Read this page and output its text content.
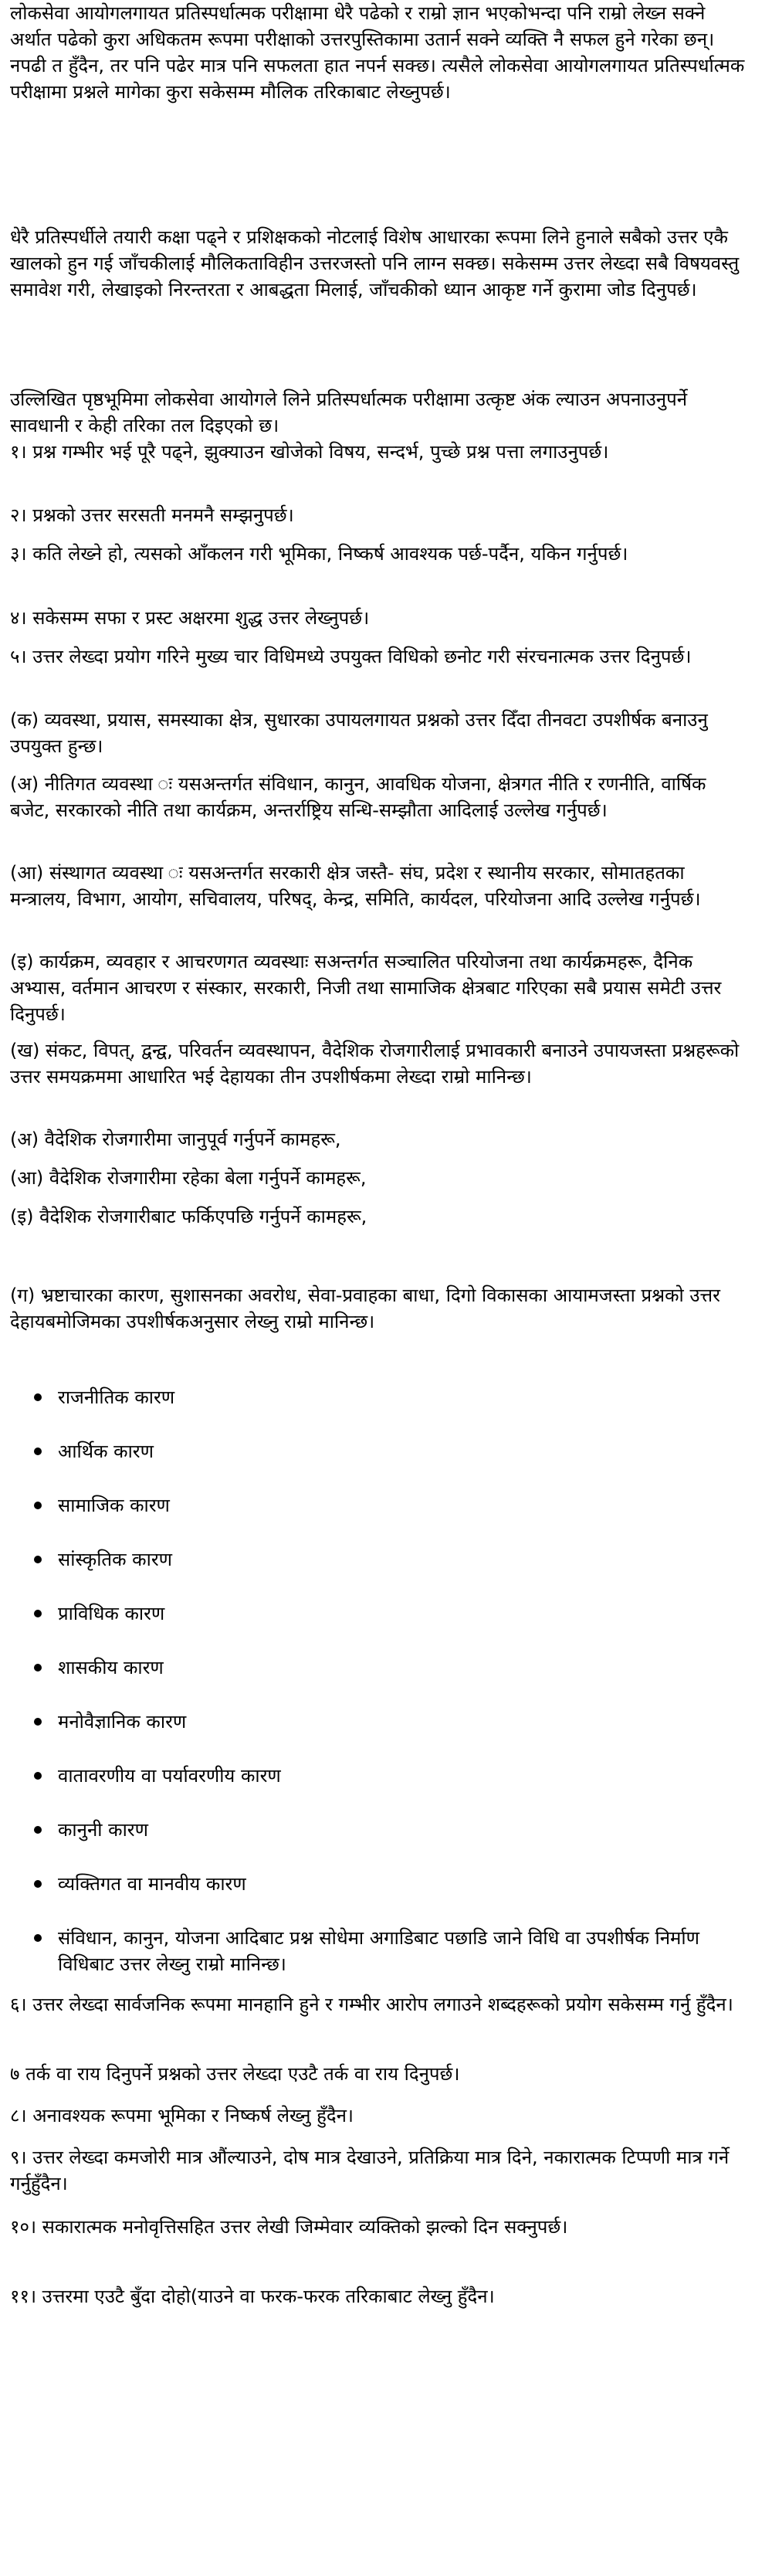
लोकसेवा आयोगलगायत प्रतिस्पर्धात्मक परीक्षामा धेरै पढेको र राम्रो ज्ञान भएकोभन्दा पनि राम्रो लेख्न सक्ने अर्थात पढेको कुरा अधिकतम रूपमा परीक्षाको उत्तरपुस्तिकामा उतार्न सक्ने व्यक्ति नै सफल हुने गरेका छन्। नपढी त हुँदैन, तर पनि पढेर मात्र पनि सफलता हात नपर्न सक्छ। त्यसैले लोकसेवा आयोगलगायत प्रतिस्पर्धात्मक परीक्षामा प्रश्नले मागेका कुरा सकेसम्म मौलिक तरिकाबाट लेख्नुपर्छ।

धेरै प्रतिस्पर्धीले तयारी कक्षा पढ्ने र प्रशिक्षकको नोटलाई विशेष आधारका रूपमा लिने हुनाले सबैको उत्तर एकै खालको हुन गई जाँचकीलाई मौलिकताविहीन उत्तरजस्तो पनि लाग्न सक्छ। सकेसम्म उत्तर लेख्दा सबै विषयवस्तु समावेश गरी, लेखाइको निरन्तरता र आबद्धता मिलाई, जाँचकीको ध्यान आकृष्ट गर्ने कुरामा जोड दिनुपर्छ।

उल्लिखित पृष्ठभूमिमा लोकसेवा आयोगले लिने प्रतिस्पर्धात्मक परीक्षामा उत्कृष्ट अंक ल्याउन अपनाउनुपर्ने सावधानी र केही तरिका तल दिइएको छ।

१। प्रश्न गम्भीर भई पूरै पढ्ने, झुक्याउन खोजेको विषय, सन्दर्भ, पुच्छे प्रश्न पत्ता लगाउनुपर्छ।

२। प्रश्नको उत्तर सरसती मनमनै सम्झनुपर्छ।

३। कति लेख्ने हो, त्यसको आँकलन गरी भूमिका, निष्कर्ष आवश्यक पर्छ-पर्दैन, यकिन गर्नुपर्छ।

४। सकेसम्म सफा र प्रस्ट अक्षरमा शुद्ध उत्तर लेख्नुपर्छ।

५। उत्तर लेख्दा प्रयोग गरिने मुख्य चार विधिमध्ये उपयुक्त विधिको छनोट गरी संरचनात्मक उत्तर दिनुपर्छ।

(क) व्यवस्था, प्रयास, समस्याका क्षेत्र, सुधारका उपायलगायत प्रश्नको उत्तर दिँदा तीनवटा उपशीर्षक बनाउनु उपयुक्त हुन्छ।

(अ) नीतिगत व्यवस्था ः यसअन्तर्गत संविधान, कानुन, आवधिक योजना, क्षेत्रगत नीति र रणनीति, वार्षिक बजेट, सरकारको नीति तथा कार्यक्रम, अन्तर्राष्ट्रिय सन्धि-सम्झौता आदिलाई उल्लेख गर्नुपर्छ।

(आ) संस्थागत व्यवस्था ः यसअन्तर्गत सरकारी क्षेत्र जस्तै- संघ, प्रदेश र स्थानीय सरकार, सोमातहतका मन्त्रालय, विभाग, आयोग, सचिवालय, परिषद्, केन्द्र, समिति, कार्यदल, परियोजना आदि उल्लेख गर्नुपर्छ।

(इ) कार्यक्रम, व्यवहार र आचरणगत व्यवस्थाः सअन्तर्गत सञ्चालित परियोजना तथा कार्यक्रमहरू, दैनिक अभ्यास, वर्तमान आचरण र संस्कार, सरकारी, निजी तथा सामाजिक क्षेत्रबाट गरिएका सबै प्रयास समेटी उत्तर दिनुपर्छ।

(ख) संकट, विपत्, द्वन्द्व, परिवर्तन व्यवस्थापन, वैदेशिक रोजगारीलाई प्रभावकारी बनाउने उपायजस्ता प्रश्नहरूको उत्तर समयक्रममा आधारित भई देहायका तीन उपशीर्षकमा लेख्दा राम्रो मानिन्छ।

(अ) वैदेशिक रोजगारीमा जानुपूर्व गर्नुपर्ने कामहरू,

(आ) वैदेशिक रोजगारीमा रहेका बेला गर्नुपर्ने कामहरू,

(इ) वैदेशिक रोजगारीबाट फर्किएपछि गर्नुपर्ने कामहरू,

(ग) भ्रष्टाचारका कारण, सुशासनका अवरोध, सेवा-प्रवाहका बाधा, दिगो विकासका आयामजस्ता प्रश्नको उत्तर देहायबमोजिमका उपशीर्षकअनुसार लेख्नु राम्रो मानिन्छ।

राजनीतिक कारण
आर्थिक कारण
सामाजिक कारण
सांस्कृतिक कारण
प्राविधिक कारण
शासकीय कारण
मनोवैज्ञानिक कारण
वातावरणीय वा पर्यावरणीय कारण
कानुनी कारण
व्यक्तिगत वा मानवीय कारण
संविधान, कानुन, योजना आदिबाट प्रश्न सोधेमा अगाडिबाट पछाडि जाने विधि वा उपशीर्षक निर्माण विधिबाट उत्तर लेख्नु राम्रो मानिन्छ।

६। उत्तर लेख्दा सार्वजनिक रूपमा मानहानि हुने र गम्भीर आरोप लगाउने शब्दहरूको प्रयोग सकेसम्म गर्नु हुँदैन।

७ तर्क वा राय दिनुपर्ने प्रश्नको उत्तर लेख्दा एउटै तर्क वा राय दिनुपर्छ।

८। अनावश्यक रूपमा भूमिका र निष्कर्ष लेख्नु हुँदैन।

९। उत्तर लेख्दा कमजोरी मात्र औंल्याउने, दोष मात्र देखाउने, प्रतिक्रिया मात्र दिने, नकारात्मक टिप्पणी मात्र गर्ने गर्नुहुँदैन।

१०। सकारात्मक मनोवृत्तिसहित उत्तर लेखी जिम्मेवार व्यक्तिको झल्को दिन सक्नुपर्छ।

११। उत्तरमा एउटै बुँदा दोहो(याउने वा फरक-फरक तरिकाबाट लेख्नु हुँदैन।
